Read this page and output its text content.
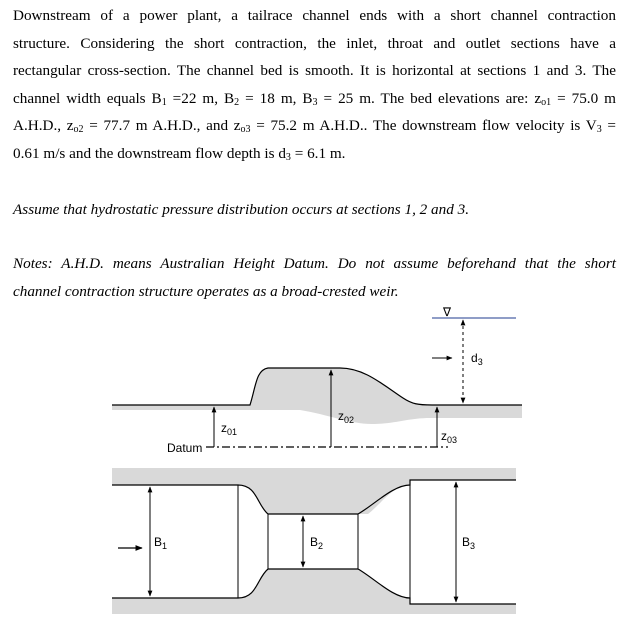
Downstream of a power plant, a tailrace channel ends with a short channel contraction
structure. Considering the short contraction, the inlet, throat and outlet sections have a
rectangular cross-section. The channel bed is smooth. It is horizontal at sections 1 and 3. The
channel width equals $B_1 =22$ m, $B_2 = 18$ m, $B_3 = 25$ m. The bed elevations are: $z_{o1} = 75.0$ m
A.H.D., $z_{o2} = 77.7$ m A.H.D., and $z_{o3} = 75.2$ m A.H.D.. The downstream flow velocity is $V_3$ =
0.61 m/s and the downstream flow depth is $d_3 = 6.1$ m.
Assume that hydrostatic pressure distribution occurs at sections 1, 2 and 3.
Notes: A.H.D. means Australian Height Datum. Do not assume beforehand that the short
channel contraction structure operates as a broad-crested weir.
∇
Datum
$z_{01}$
$z_{02}$
$z_{03}$
$d_3$
$B_1$	$B_2$	$B_3$
